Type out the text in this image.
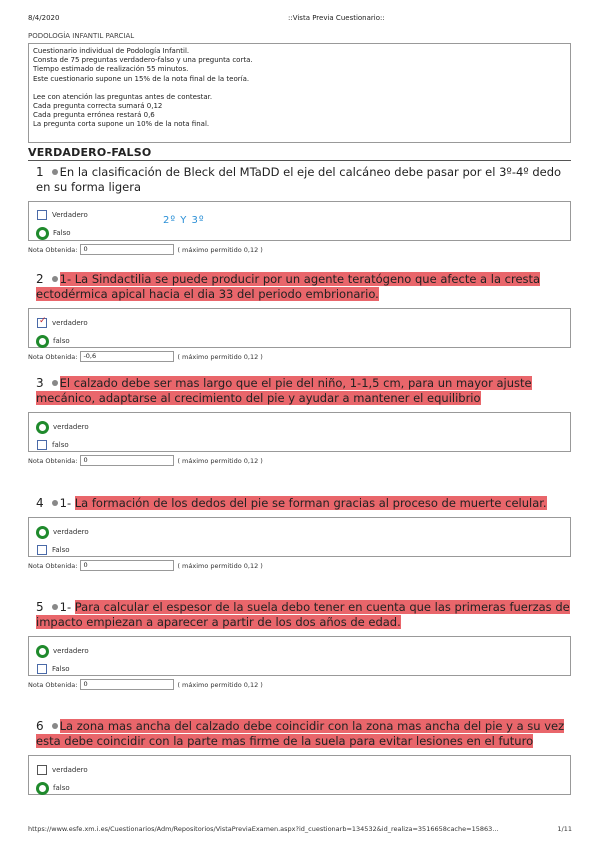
8/4/2020	::Vista Previa Cuestionario::
PODOLOGÍA INFANTIL PARCIAL
Cuestionario individual de Podología Infantil.
Consta de 75 preguntas verdadero-falso y una pregunta corta.
Tiempo estimado de realización 55 minutos.
Este cuestionario supone un 15% de la nota final de la teoría.
Lee con atención las preguntas antes de contestar.
Cada pregunta correcta sumará 0,12
Cada pregunta errónea restará 0,6
La pregunta corta supone un 10% de la nota final.
VERDADERO-FALSO
1 En la clasificación de Bleck del MTaDD el eje del calcáneo debe pasar por el 3º-4º dedo en su forma ligera
Verdadero
Falso
2º Y 3º
Nota Obtenida: 0	( máximo permitido 0,12 )
2 1- La Sindactilia se puede producir por un agente teratógeno que afecte a la cresta ectodérmica apical hacia el dia 33 del periodo embrionario.
✓
verdadero
falso
Nota Obtenida: -0,6	( máximo permitido 0,12 )
3 El calzado debe ser mas largo que el pie del niño, 1-1,5 cm, para un mayor ajuste mecánico, adaptarse al crecimiento del pie y ayudar a mantener el equilibrio
verdadero
falso
Nota Obtenida: 0	( máximo permitido 0,12 )
4 1- La formación de los dedos del pie se forman gracias al proceso de muerte celular.
verdadero
Falso
Nota Obtenida: 0	( máximo permitido 0,12 )
5 1- Para calcular el espesor de la suela debo tener en cuenta que las primeras fuerzas de impacto empiezan a aparecer a partir de los dos años de edad.
verdadero
Falso
Nota Obtenida: 0	( máximo permitido 0,12 )
6 La zona mas ancha del calzado debe coincidir con la zona mas ancha del pie y a su vez esta debe coincidir con la parte mas firme de la suela para evitar lesiones en el futuro
verdadero
falso
https://www.esfe.xm.i.es/Cuestionarios/Adm/Repositorios/VistaPreviaExamen.aspx?id_cuestionarb=134532&id_realiza=3516658cache=15863…	1/11
